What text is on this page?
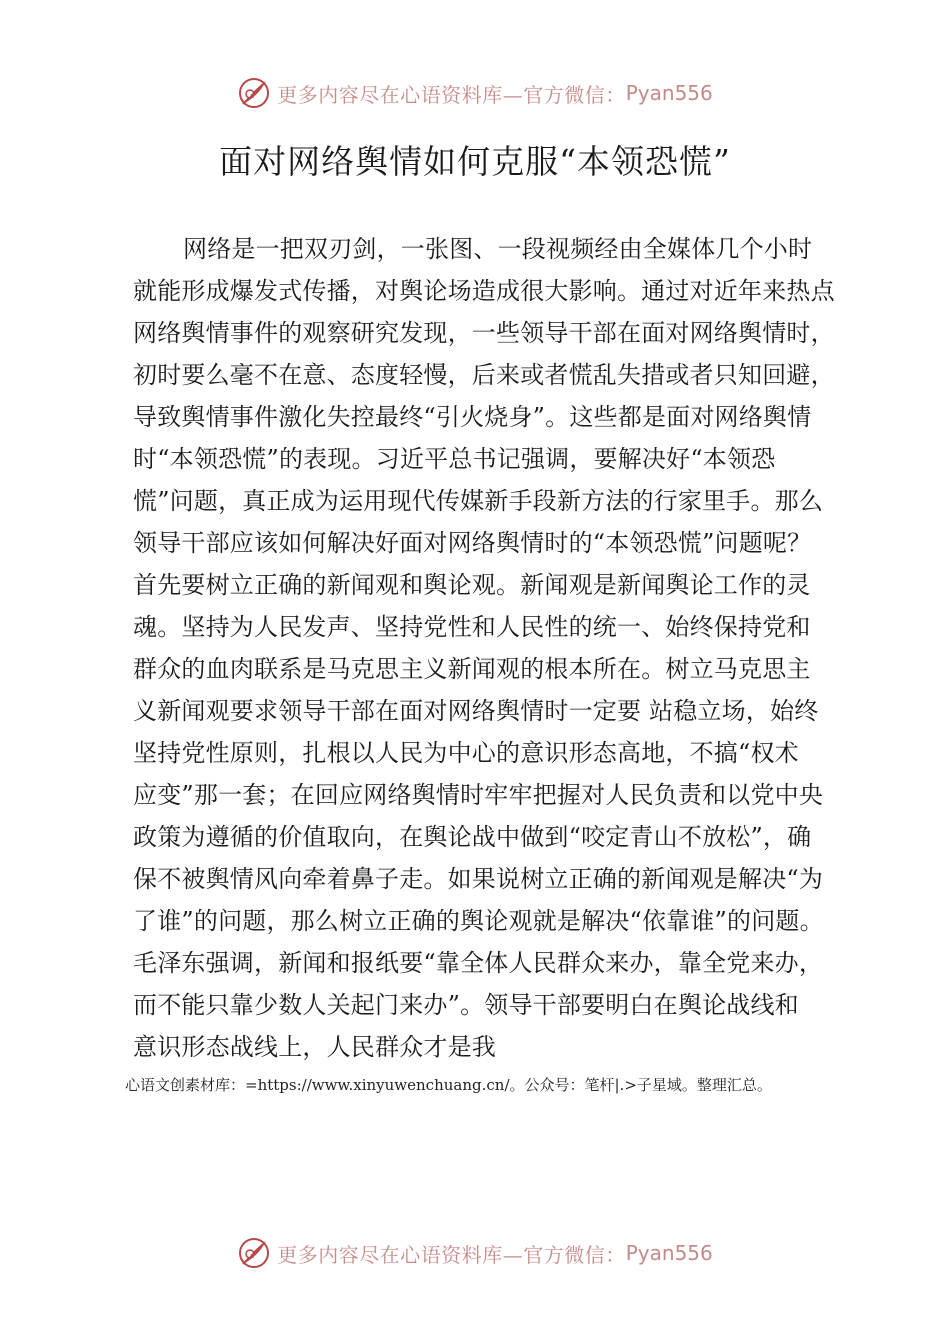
更多内容尽在心语资料库—官方微信： Pyan556
面对网络舆情如何克服“本领恐慌”
网络是一把双刃剑，一张图、一段视频经由全媒体几个小时
就能形成爆发式传播，对舆论场造成很大影响。通过对近年来热点
网络舆情事件的观察研究发现，一些领导干部在面对网络舆情时，
初时要么毫不在意、态度轻慢，后来或者慌乱失措或者只知回避，
导致舆情事件激化失控最终“引火烧身”。这些都是面对网络舆情
时“本领恐慌”的表现。习近平总书记强调，要解决好“本领恐
慌”问题，真正成为运用现代传媒新手段新方法的行家里手。那么
领导干部应该如何解决好面对网络舆情时的“本领恐慌”问题呢？
首先要树立正确的新闻观和舆论观。新闻观是新闻舆论工作的灵
魂。坚持为人民发声、坚持党性和人民性的统一、始终保持党和
群众的血肉联系是马克思主义新闻观的根本所在。树立马克思主
义新闻观要求领导干部在面对网络舆情时一定要 站稳立场，始终
坚持党性原则，扎根以人民为中心的意识形态高地，不搞“权术
应变”那一套；在回应网络舆情时牢牢把握对人民负责和以党中央
政策为遵循的价值取向，在舆论战中做到“咬定青山不放松”，确
保不被舆情风向牵着鼻子走。如果说树立正确的新闻观是解决“为
了谁”的问题，那么树立正确的舆论观就是解决“依靠谁”的问题。
毛泽东强调，新闻和报纸要“靠全体人民群众来办，靠全党来办，
而不能只靠少数人关起门来办”。领导干部要明白在舆论战线和
意识形态战线上，人民群众才是我
心语文创素材库：=https://www.xinyuwenchuang.cn/。公众号：笔杆|.>子星域。整理汇总。
更多内容尽在心语资料库—官方微信： Pyan556
